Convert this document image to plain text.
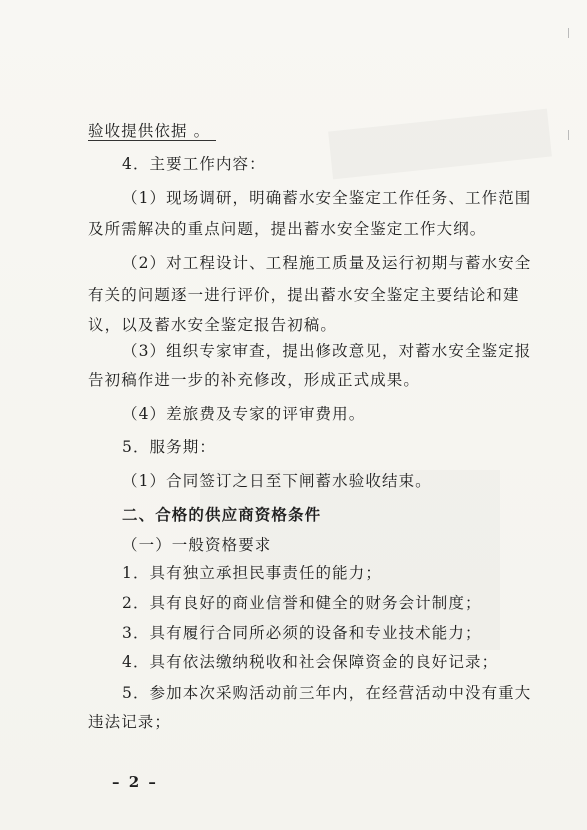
验收提供依据 。
4．主要工作内容：
（1）现场调研，明确蓄水安全鉴定工作任务、工作范围
及所需解决的重点问题，提出蓄水安全鉴定工作大纲。
（2）对工程设计、工程施工质量及运行初期与蓄水安全
有关的问题逐一进行评价，提出蓄水安全鉴定主要结论和建
议，以及蓄水安全鉴定报告初稿。
（3）组织专家审查，提出修改意见，对蓄水安全鉴定报
告初稿作进一步的补充修改，形成正式成果。
（4）差旅费及专家的评审费用。
5．服务期：
（1）合同签订之日至下闸蓄水验收结束。
二、合格的供应商资格条件
（一）一般资格要求
1．具有独立承担民事责任的能力；
2．具有良好的商业信誉和健全的财务会计制度；
3．具有履行合同所必须的设备和专业技术能力；
4．具有依法缴纳税收和社会保障资金的良好记录；
5．参加本次采购活动前三年内，在经营活动中没有重大
违法记录；
– 2 –
